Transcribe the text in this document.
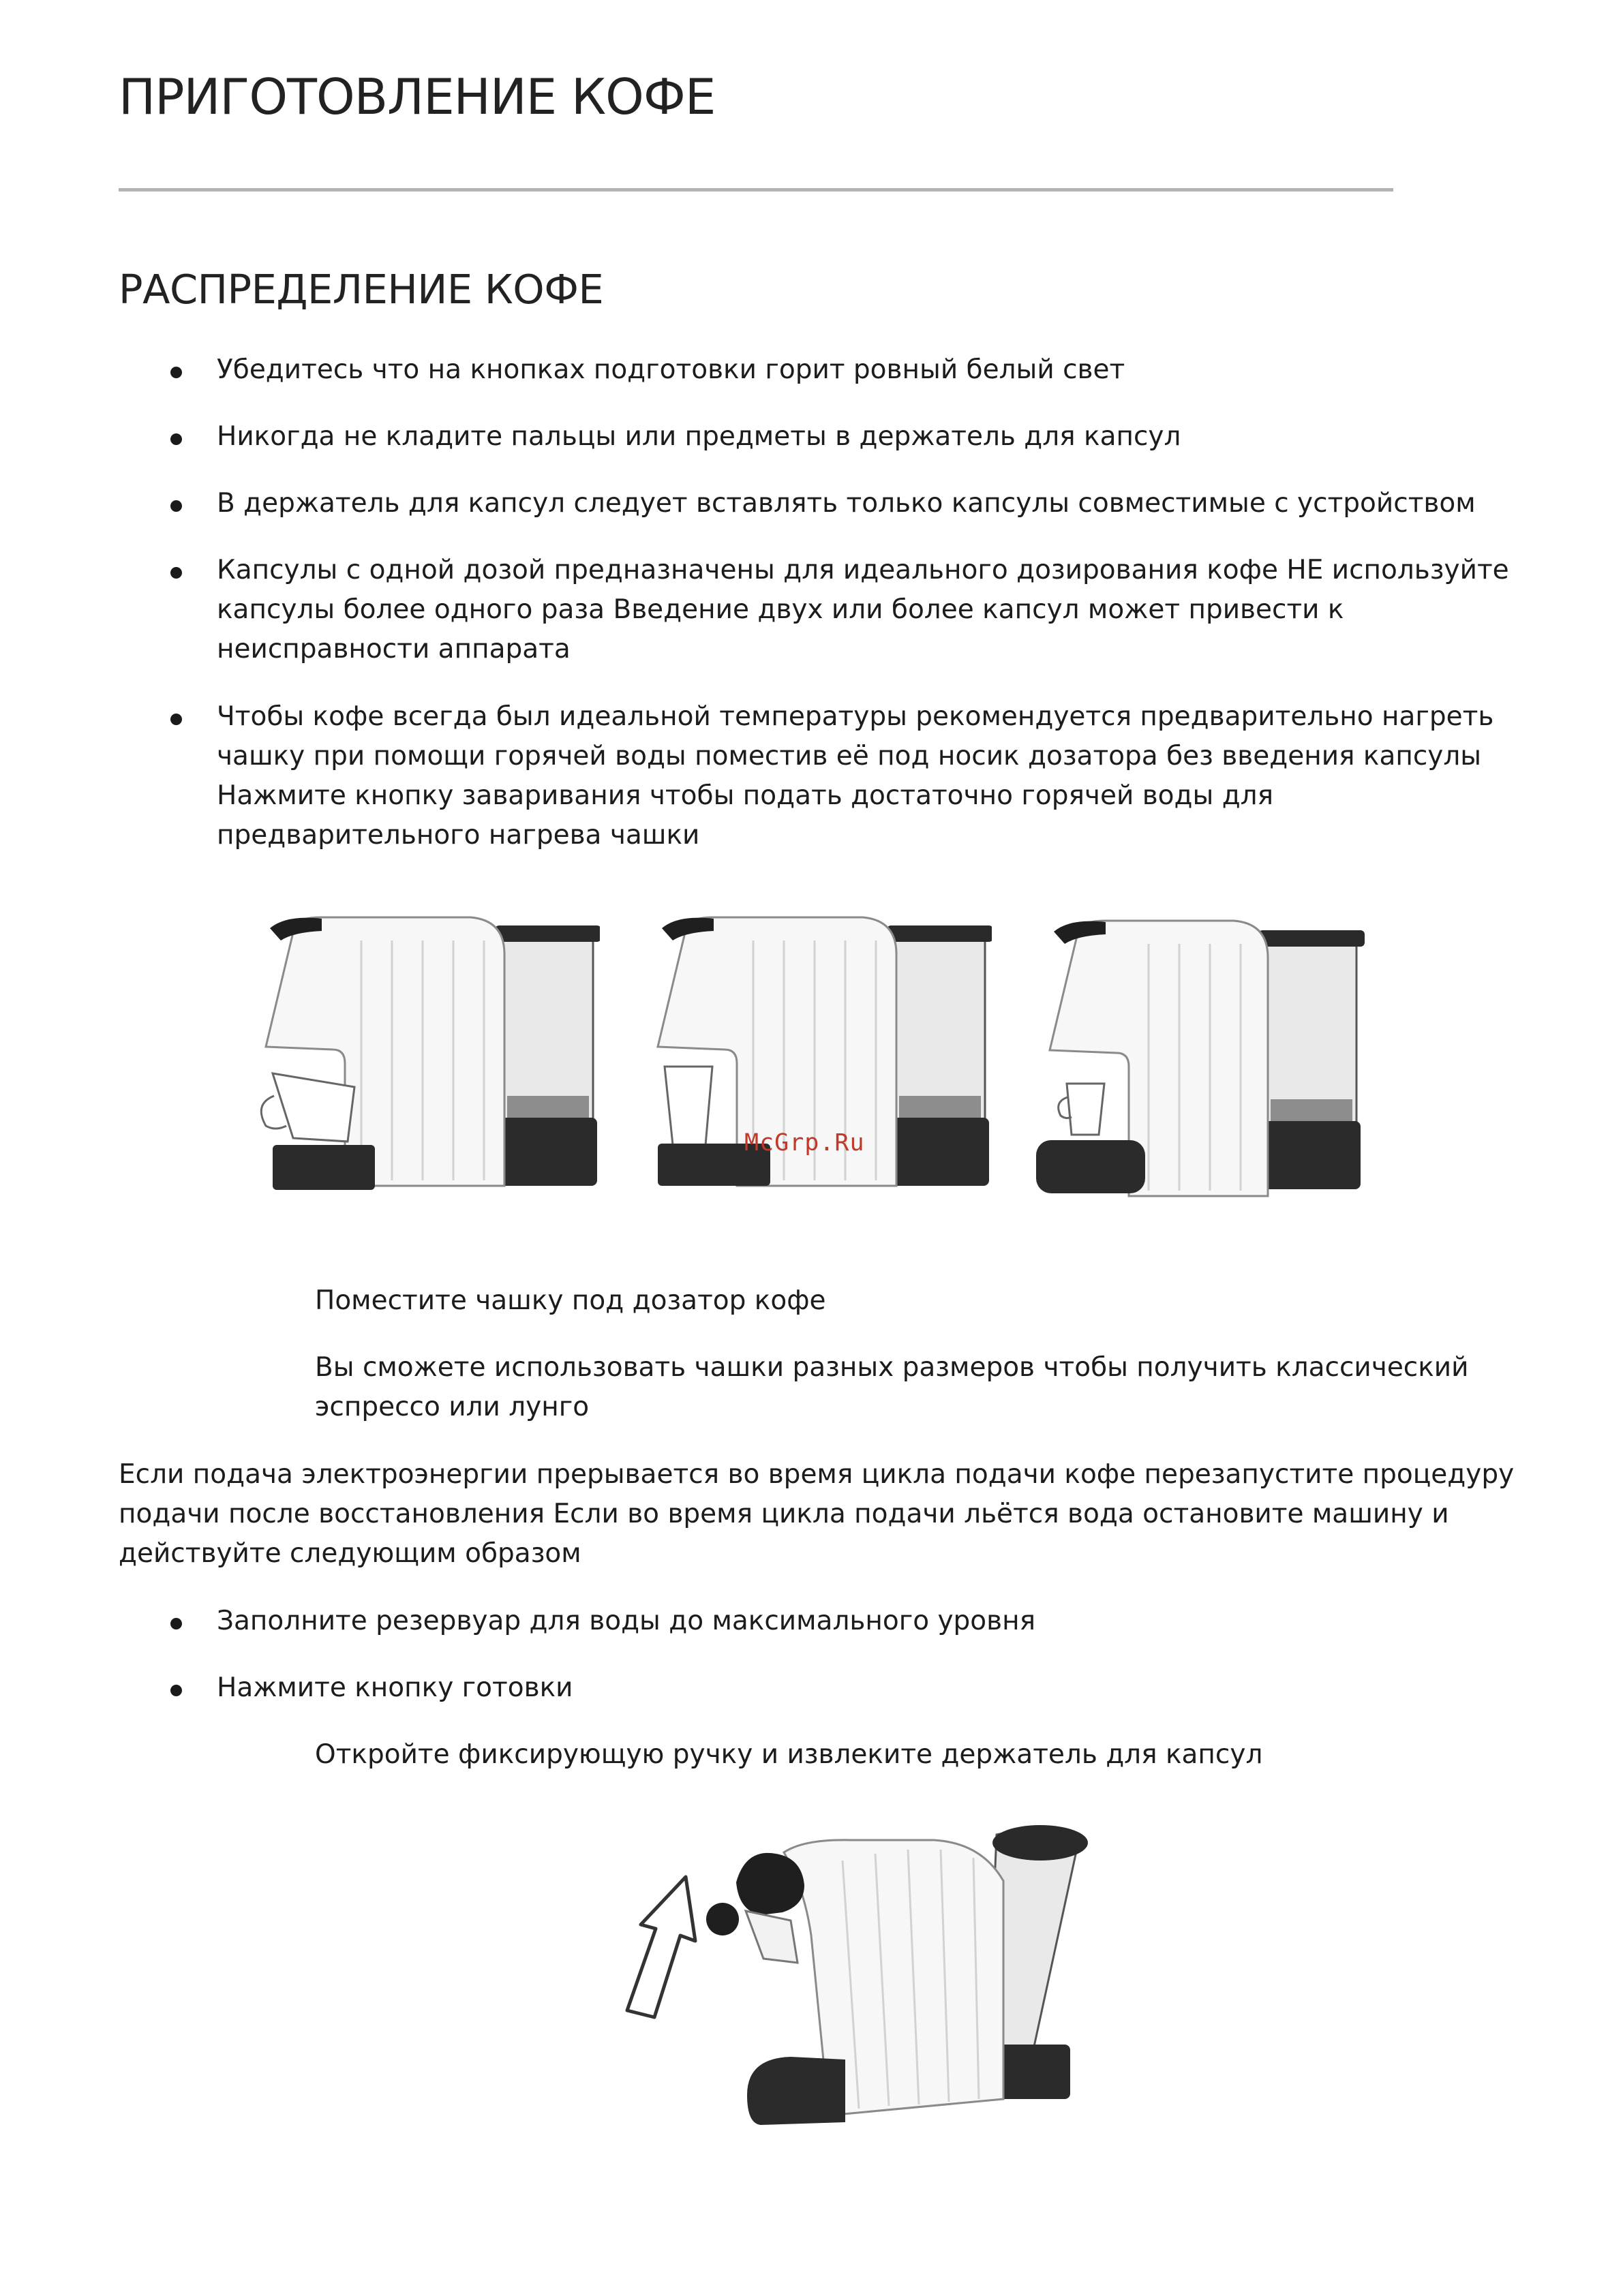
ПРИГОТОВЛЕНИЕ КОФЕ
РАСПРЕДЕЛЕНИЕ КОФЕ
Убедитесь что на кнопках подготовки горит ровный белый свет
Никогда не кладите пальцы или предметы в держатель для капсул
В держатель для капсул следует вставлять только капсулы совместимые с устройством
Капсулы с одной дозой предназначены для идеального дозирования кофе НЕ используйте капсулы более одного раза Введение двух или более капсул может привести к неисправности аппарата
Чтобы кофе всегда был идеальной температуры рекомендуется предварительно нагреть чашку при помощи горячей воды поместив её под носик дозатора без введения капсулы Нажмите кнопку заваривания чтобы подать достаточно горячей воды для предварительного нагрева чашки
McGrp.Ru
Поместите чашку под дозатор кофе
Вы сможете использовать чашки разных размеров чтобы получить классический эспрессо или лунго
Если подача электроэнергии прерывается во время цикла подачи кофе перезапустите процедуру подачи после восстановления Если во время цикла подачи льётся вода остановите машину и действуйте следующим образом
Заполните резервуар для воды до максимального уровня
Нажмите кнопку готовки
Откройте фиксирующую ручку и извлеките держатель для капсул
